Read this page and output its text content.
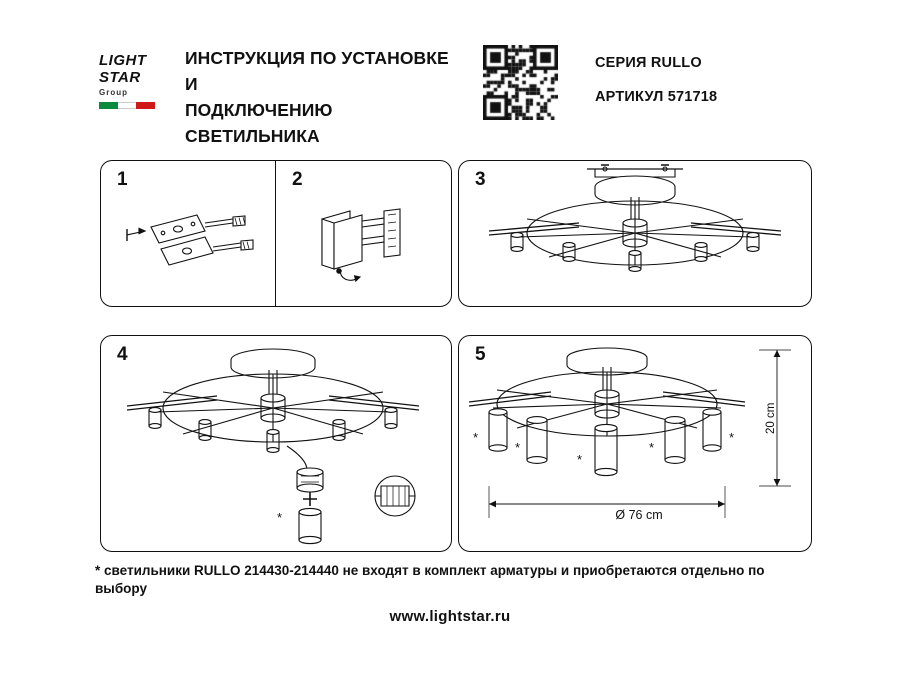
LIGHT
STAR
Group
ИНСТРУКЦИЯ ПО УСТАНОВКЕ И
ПОДКЛЮЧЕНИЮ СВЕТИЛЬНИКА
СЕРИЯ RULLO
АРТИКУЛ 571718
1	2	3
4
*
5
*
*
*
*
*
20 cm
Ø 76 cm
* светильники RULLO 214430-214440 не входят в комплект арматуры и приобретаются отдельно по выбору
www.lightstar.ru
